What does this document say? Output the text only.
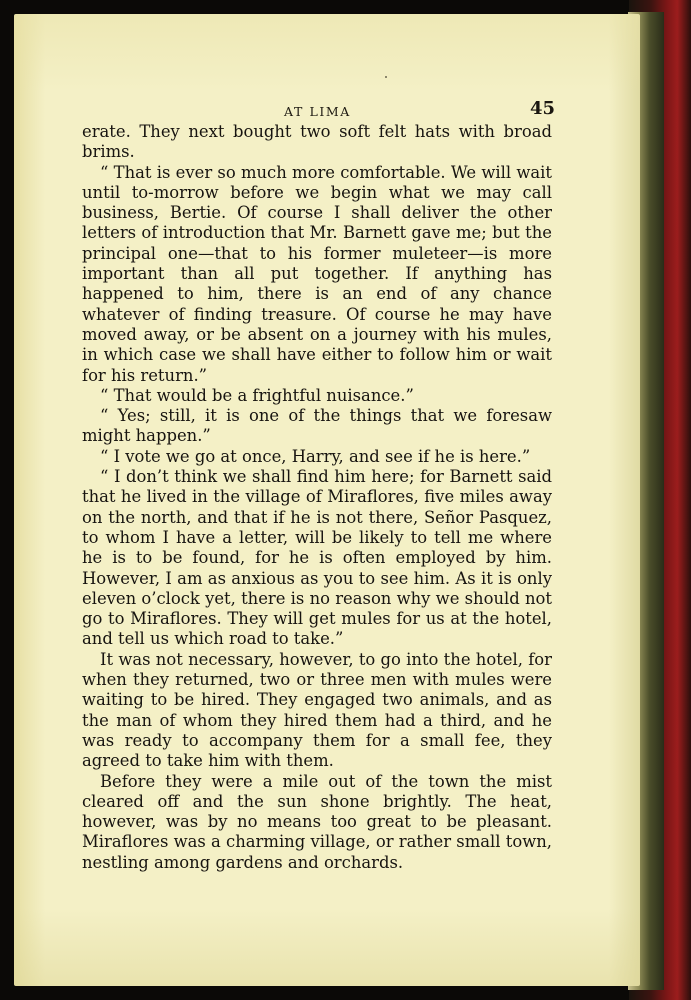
AT LIMA	45

erate. They next bought two soft felt hats with broad brims.

“ That is ever so much more comfortable. We will wait until to-morrow before we begin what we may call business, Bertie. Of course I shall deliver the other letters of introduction that Mr. Barnett gave me; but the principal one—that to his former muleteer—is more important than all put together. If anything has happened to him, there is an end of any chance whatever of finding treasure. Of course he may have moved away, or be absent on a journey with his mules, in which case we shall have either to follow him or wait for his return.”

“ That would be a frightful nuisance.”

“ Yes; still, it is one of the things that we foresaw might happen.”

“ I vote we go at once, Harry, and see if he is here.”

“ I don’t think we shall find him here; for Barnett said that he lived in the village of Miraflores, five miles away on the north, and that if he is not there, Señor Pasquez, to whom I have a letter, will be likely to tell me where he is to be found, for he is often employed by him. However, I am as anxious as you to see him. As it is only eleven o’clock yet, there is no reason why we should not go to Miraflores. They will get mules for us at the hotel, and tell us which road to take.”

It was not necessary, however, to go into the hotel, for when they returned, two or three men with mules were waiting to be hired. They engaged two animals, and as the man of whom they hired them had a third, and he was ready to accompany them for a small fee, they agreed to take him with them.

Before they were a mile out of the town the mist cleared off and the sun shone brightly. The heat, however, was by no means too great to be pleasant. Miraflores was a charming village, or rather small town, nestling among gardens and orchards.
